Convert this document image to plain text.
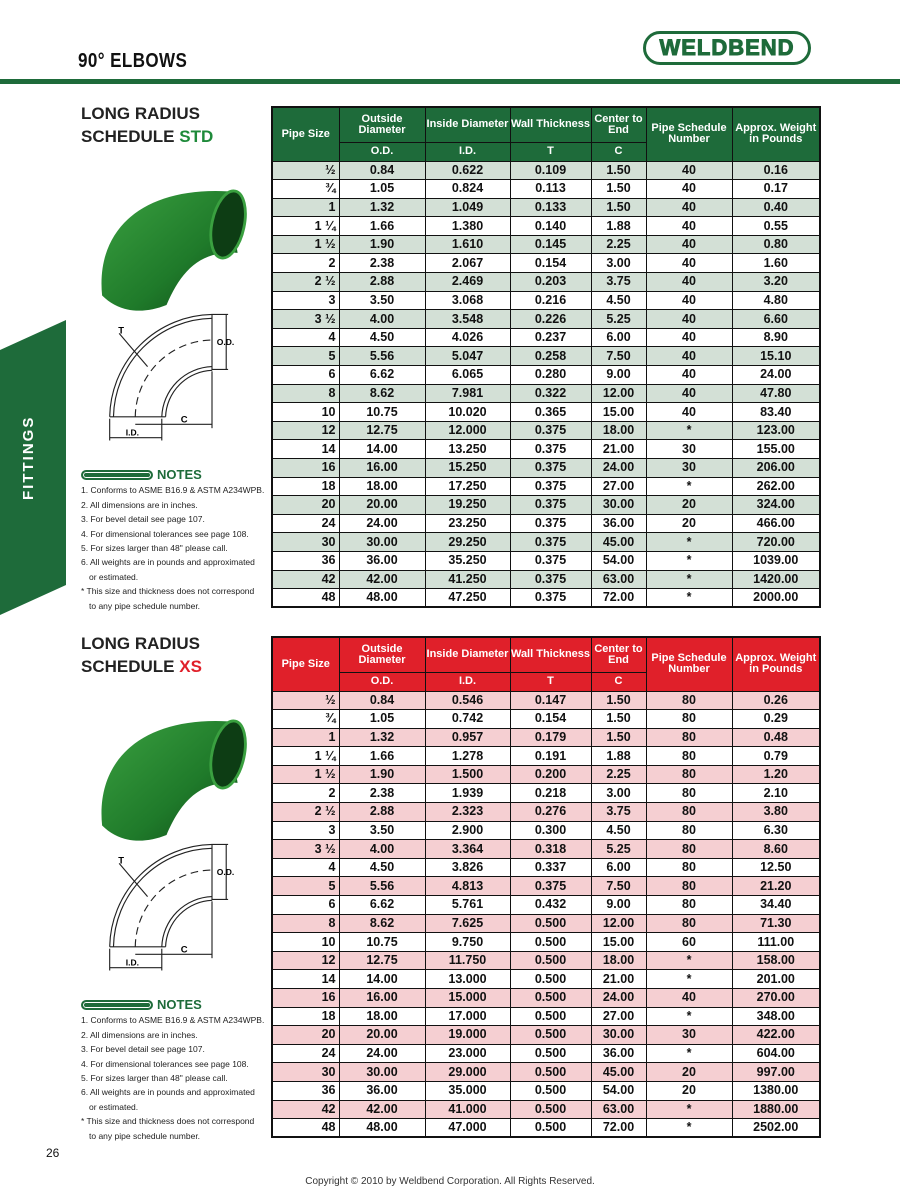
90° ELBOWS
WELDBEND
FITTINGS
LONG RADIUS
SCHEDULE STD
T
O.D.
I.D.
C
Pipe Size	Outside Diameter	Inside Diameter	Wall Thickness	Center to End	Pipe Schedule Number	Approx. Weight in Pounds
	O.D.	I.D.	T	C		
½	0.84	0.622	0.109	1.50	40	0.16
¾	1.05	0.824	0.113	1.50	40	0.17
1	1.32	1.049	0.133	1.50	40	0.40
1 ¼	1.66	1.380	0.140	1.88	40	0.55
1 ½	1.90	1.610	0.145	2.25	40	0.80
2	2.38	2.067	0.154	3.00	40	1.60
2 ½	2.88	2.469	0.203	3.75	40	3.20
3	3.50	3.068	0.216	4.50	40	4.80
3 ½	4.00	3.548	0.226	5.25	40	6.60
4	4.50	4.026	0.237	6.00	40	8.90
5	5.56	5.047	0.258	7.50	40	15.10
6	6.62	6.065	0.280	9.00	40	24.00
8	8.62	7.981	0.322	12.00	40	47.80
10	10.75	10.020	0.365	15.00	40	83.40
12	12.75	12.000	0.375	18.00	*	123.00
14	14.00	13.250	0.375	21.00	30	155.00
16	16.00	15.250	0.375	24.00	30	206.00
18	18.00	17.250	0.375	27.00	*	262.00
20	20.00	19.250	0.375	30.00	20	324.00
24	24.00	23.250	0.375	36.00	20	466.00
30	30.00	29.250	0.375	45.00	*	720.00
36	36.00	35.250	0.375	54.00	*	1039.00
42	42.00	41.250	0.375	63.00	*	1420.00
48	48.00	47.250	0.375	72.00	*	2000.00
NOTES
1. Conforms to ASME B16.9 & ASTM A234WPB.
2. All dimensions are in inches.
3. For bevel detail see page 107.
4. For dimensional tolerances see page 108.
5. For sizes larger than 48" please call.
6. All weights are in pounds and approximated
or estimated.
* This size and thickness does not correspond
to any pipe schedule number.
LONG RADIUS
SCHEDULE XS
T
O.D.
I.D.
C
Pipe Size	Outside Diameter	Inside Diameter	Wall Thickness	Center to End	Pipe Schedule Number	Approx. Weight in Pounds
	O.D.	I.D.	T	C		
½	0.84	0.546	0.147	1.50	80	0.26
¾	1.05	0.742	0.154	1.50	80	0.29
1	1.32	0.957	0.179	1.50	80	0.48
1 ¼	1.66	1.278	0.191	1.88	80	0.79
1 ½	1.90	1.500	0.200	2.25	80	1.20
2	2.38	1.939	0.218	3.00	80	2.10
2 ½	2.88	2.323	0.276	3.75	80	3.80
3	3.50	2.900	0.300	4.50	80	6.30
3 ½	4.00	3.364	0.318	5.25	80	8.60
4	4.50	3.826	0.337	6.00	80	12.50
5	5.56	4.813	0.375	7.50	80	21.20
6	6.62	5.761	0.432	9.00	80	34.40
8	8.62	7.625	0.500	12.00	80	71.30
10	10.75	9.750	0.500	15.00	60	111.00
12	12.75	11.750	0.500	18.00	*	158.00
14	14.00	13.000	0.500	21.00	*	201.00
16	16.00	15.000	0.500	24.00	40	270.00
18	18.00	17.000	0.500	27.00	*	348.00
20	20.00	19.000	0.500	30.00	30	422.00
24	24.00	23.000	0.500	36.00	*	604.00
30	30.00	29.000	0.500	45.00	20	997.00
36	36.00	35.000	0.500	54.00	20	1380.00
42	42.00	41.000	0.500	63.00	*	1880.00
48	48.00	47.000	0.500	72.00	*	2502.00
NOTES
1. Conforms to ASME B16.9 & ASTM A234WPB.
2. All dimensions are in inches.
3. For bevel detail see page 107.
4. For dimensional tolerances see page 108.
5. For sizes larger than 48" please call.
6. All weights are in pounds and approximated
or estimated.
* This size and thickness does not correspond
to any pipe schedule number.
26
Copyright © 2010 by Weldbend Corporation. All Rights Reserved.
